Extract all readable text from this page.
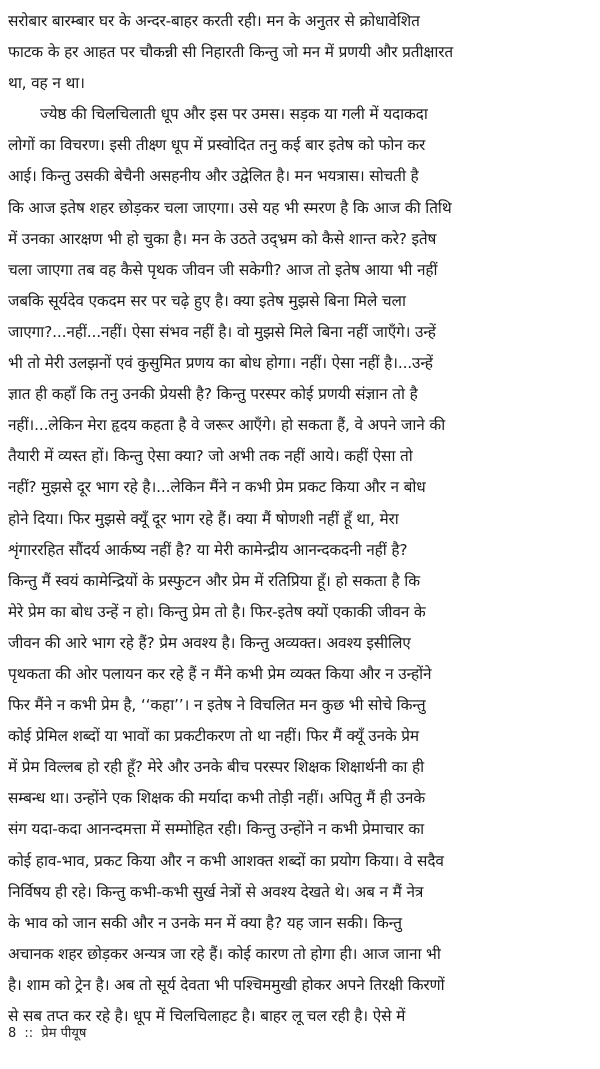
सरोबार बारम्बार घर के अन्दर-बाहर करती रही। मन के अनुतर से क्रोधावेशित
फाटक के हर आहत पर चौकन्नी सी निहारती किन्तु जो मन में प्रणयी और प्रतीक्षारत
था, वह न था।
ज्येष्ठ की चिलचिलाती धूप और इस पर उमस। सड़क या गली में यदाकदा
लोगों का विचरण। इसी तीक्ष्ण धूप में प्रस्वोदित तनु कई बार इतेष को फोन कर
आई। किन्तु उसकी बेचैनी असहनीय और उद्वेलित है। मन भयत्रास। सोचती है
कि आज इतेष शहर छोड़कर चला जाएगा। उसे यह भी स्मरण है कि आज की तिथि
में उनका आरक्षण भी हो चुका है। मन के उठते उद्भ्रम को कैसे शान्त करे? इतेष
चला जाएगा तब वह कैसे पृथक जीवन जी सकेगी? आज तो इतेष आया भी नहीं
जबकि सूर्यदेव एकदम सर पर चढ़े हुए है। क्या इतेष मुझसे बिना मिले चला
जाएगा?...नहीं...नहीं। ऐसा संभव नहीं है। वो मुझसे मिले बिना नहीं जाएँगे। उन्हें
भी तो मेरी उलझनों एवं कुसुमित प्रणय का बोध होगा। नहीं। ऐसा नहीं है।...उन्हें
ज्ञात ही कहाँ कि तनु उनकी प्रेयसी है? किन्तु परस्पर कोई प्रणयी संज्ञान तो है
नहीं।...लेकिन मेरा हृदय कहता है वे जरूर आएँगे। हो सकता हैं, वे अपने जाने की
तैयारी में व्यस्त हों। किन्तु ऐसा क्या? जो अभी तक नहीं आये। कहीं ऐसा तो
नहीं? मुझसे दूर भाग रहे है।...लेकिन मैंने न कभी प्रेम प्रकट किया और न बोध
होने दिया। फिर मुझसे क्यूँ दूर भाग रहे हैं। क्या मैं षोणशी नहीं हूँ था, मेरा
शृंगाररहित सौंदर्य आर्कष्य नहीं है? या मेरी कामेन्द्रीय आनन्दकदनी नहीं है?
किन्तु मैं स्वयं कामेन्द्रियों के प्रस्फुटन और प्रेम में रतिप्रिया हूँ। हो सकता है कि
मेरे प्रेम का बोध उन्हें न हो। किन्तु प्रेम तो है। फिर-इतेष क्यों एकाकी जीवन के
जीवन की आरे भाग रहे हैं? प्रेम अवश्य है। किन्तु अव्यक्त। अवश्य इसीलिए
पृथकता की ओर पलायन कर रहे हैं न मैंने कभी प्रेम व्यक्त किया और न उन्होंने
फिर मैंने न कभी प्रेम है, ‘‘कहा’’। न इतेष ने विचलित मन कुछ भी सोचे किन्तु
कोई प्रेमिल शब्दों या भावों का प्रकटीकरण तो था नहीं। फिर मैं क्यूँ उनके प्रेम
में प्रेम विल्लब हो रही हूँ? मेरे और उनके बीच परस्पर शिक्षक शिक्षार्थनी का ही
सम्बन्ध था। उन्होंने एक शिक्षक की मर्यादा कभी तोड़ी नहीं। अपितु मैं ही उनके
संग यदा-कदा आनन्दमत्ता में सम्मोहित रही। किन्तु उन्होंने न कभी प्रेमाचार का
कोई हाव-भाव, प्रकट किया और न कभी आशक्त शब्दों का प्रयोग किया। वे सदैव
निर्विषय ही रहे। किन्तु कभी-कभी सुर्ख नेत्रों से अवश्य देखते थे। अब न मैं नेत्र
के भाव को जान सकी और न उनके मन में क्या है? यह जान सकी। किन्तु
अचानक शहर छोड़कर अन्यत्र जा रहे हैं। कोई कारण तो होगा ही। आज जाना भी
है। शाम को ट्रेन है। अब तो सूर्य देवता भी पश्चिममुखी होकर अपने तिरक्षी किरणों
से सब तप्त कर रहे है। धूप में चिलचिलाहट है। बाहर लू चल रही है। ऐसे में
8 :: प्रेम पीयूष
